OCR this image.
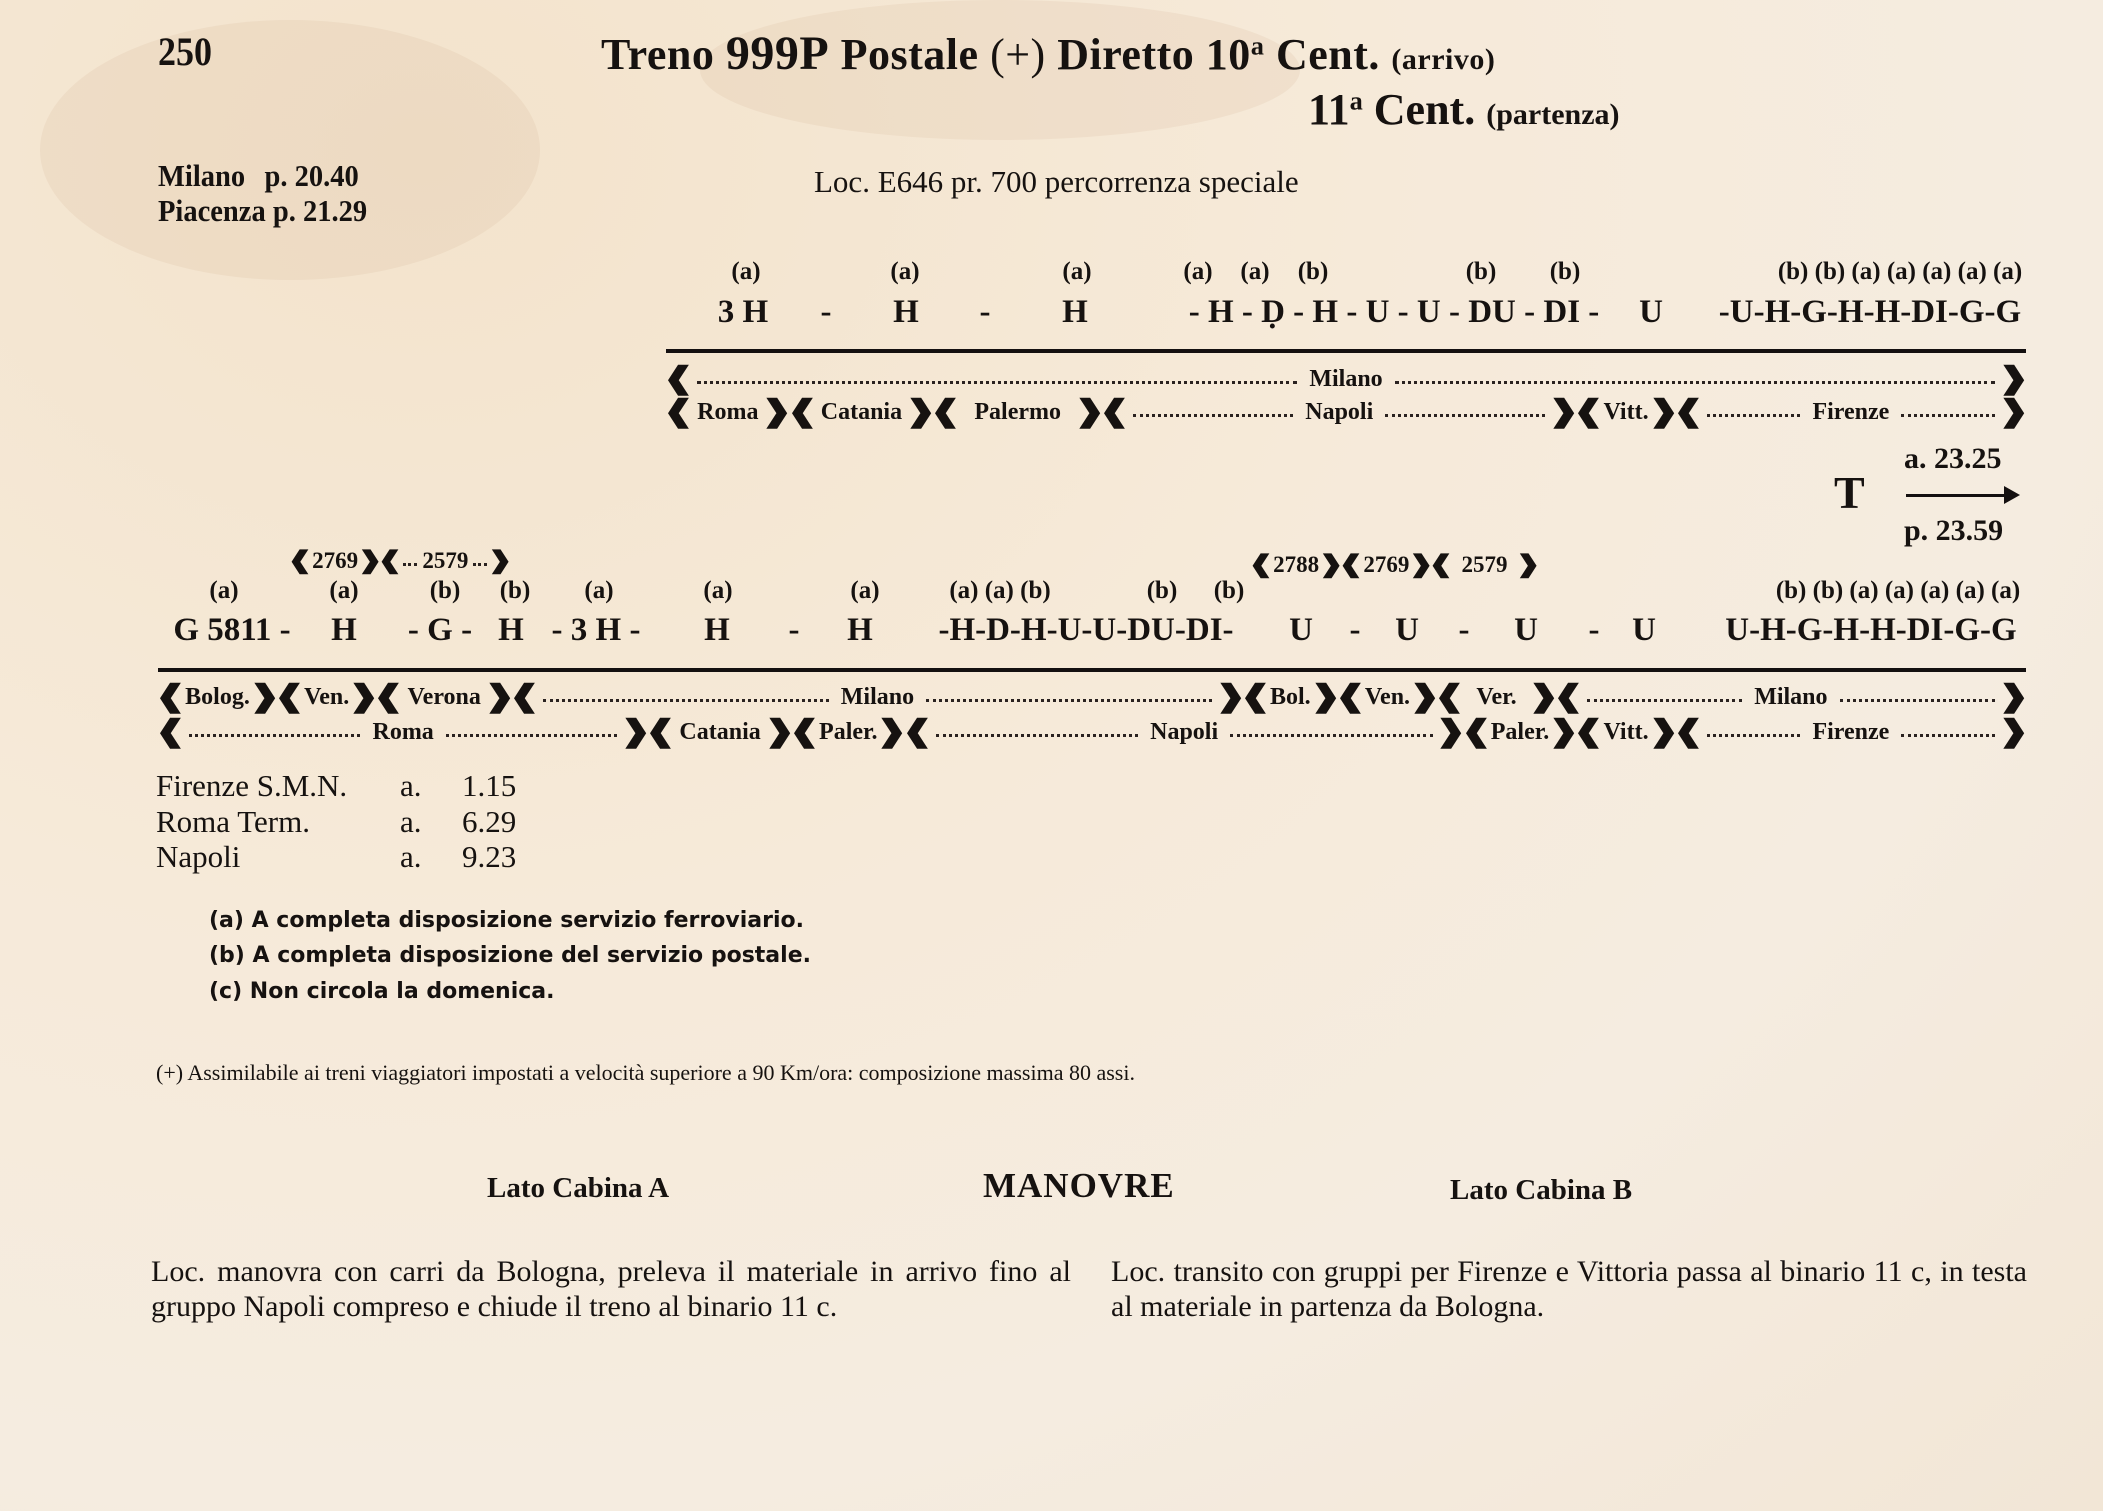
250	Treno 999P Postale (+) Diretto 10$^a$ Cent. (arrivo)
11$^a$ Cent. (partenza)
Milano p. 20.40
Piacenza p. 21.29
Loc. E646 pr. 700 percorrenza speciale
(a)	(a)	(a)	(a) (a) (b)	(b) (b)	(b) (b) (a) (a) (a) (a) (a)
3 H - H - H	- H - Ḍ - H - U - U - DU - DI - U -U-H-G-H-H-DI-G-G
❰
Milano
❱
❰
Roma ❱ ❰	Catania ❱ ❰	Palermo ❱ ❰	Napoli ❱ ❰	Vitt. ❱ ❰	Firenze
❱
a. 23.25
T
p. 23.59
❰
2769 ❱ ❰	2579 ❱ ❰	2788 ❱ ❰ 2769 ❱ ❰	2579
❱
(a)	(a)	(b) (b) (a)	(a)	(a)	(a) (a) (b)	(b) (b)	(b) (b) (a) (a) (a) (a) (a)
G 5811 - H - G - H - 3 H - H - H -H-D-H-U-U-DU-DI- U - U - U - U U-H-G-H-H-DI-G-G
❰
Bolog. ❱ ❰ Ven. ❱ ❰ Verona ❱ ❰	Milano ❱ ❰	Bol. ❱ ❰ Ven. ❱ ❰	Ver. ❱ ❰	Milano
❱
❰
Roma ❱ ❰	Catania ❱ ❰ Paler. ❱ ❰	Napoli ❱ ❰	Paler. ❱ ❰ Vitt. ❱ ❰	Firenze
❱
Firenze S.M.N. a. 1.15
Roma Term.	a. 6.29
Napoli	a. 9.23
(a) A completa disposizione servizio ferroviario.
(b) A completa disposizione del servizio postale.
(c) Non circola la domenica.
(+) Assimilabile ai treni viaggiatori impostati a velocità superiore a 90 Km/ora: composizione massima 80 assi.
Lato Cabina A	MANOVRE	Lato Cabina B
Loc. manovra con carri da Bologna, preleva il materiale in arrivo fino al gruppo Napoli compreso e chiude il treno al binario 11 c.
Loc. transito con gruppi per Firenze e Vittoria passa al binario 11 c, in testa al materiale in partenza da Bologna.
